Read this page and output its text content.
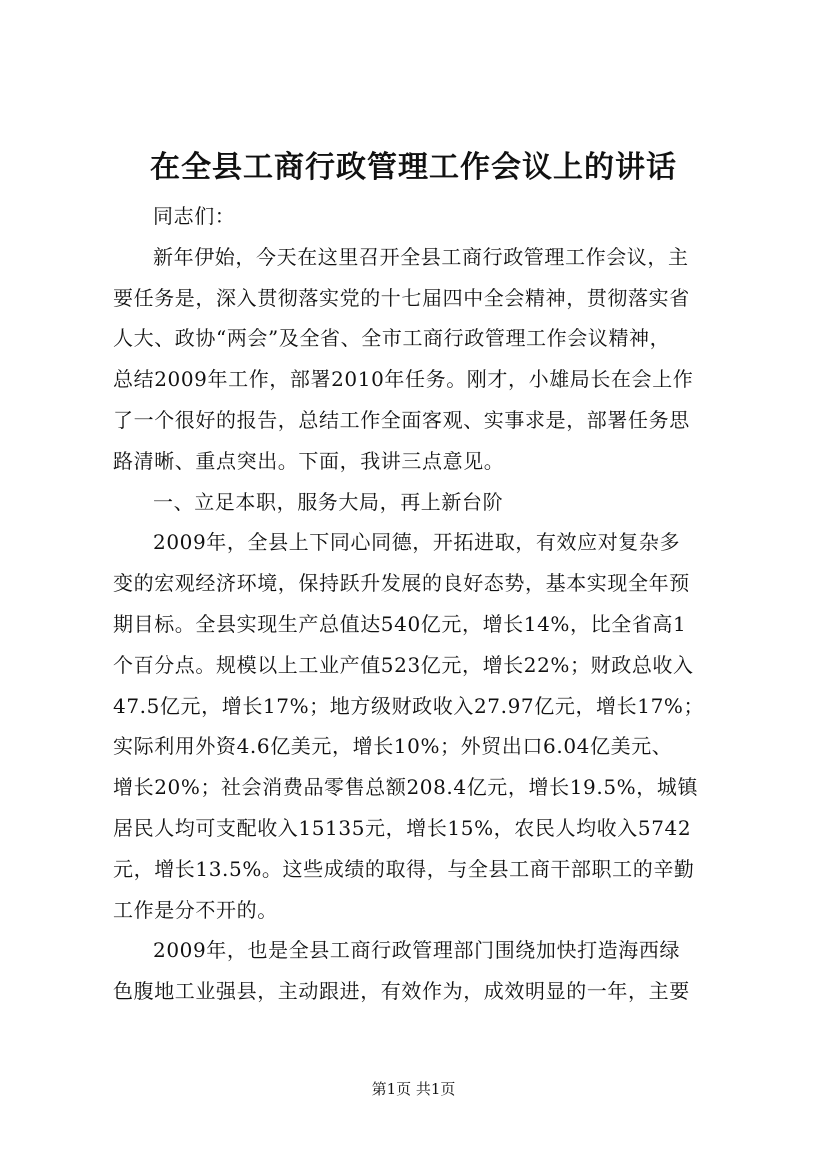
在全县工商行政管理工作会议上的讲话
同志们：
新年伊始，今天在这里召开全县工商行政管理工作会议，主
要任务是，深入贯彻落实党的十七届四中全会精神，贯彻落实省
人大、政协“两会”及全省、全市工商行政管理工作会议精神，
总结2009年工作，部署2010年任务。刚才，小雄局长在会上作
了一个很好的报告，总结工作全面客观、实事求是，部署任务思
路清晰、重点突出。下面，我讲三点意见。
一、立足本职，服务大局，再上新台阶
2009年，全县上下同心同德，开拓进取，有效应对复杂多
变的宏观经济环境，保持跃升发展的良好态势，基本实现全年预
期目标。全县实现生产总值达540亿元，增长14%，比全省高1
个百分点。规模以上工业产值523亿元，增长22%；财政总收入
47.5亿元，增长17%；地方级财政收入27.97亿元，增长17%；
实际利用外资4.6亿美元，增长10%；外贸出口6.04亿美元、
增长20%；社会消费品零售总额208.4亿元，增长19.5%，城镇
居民人均可支配收入15135元，增长15%，农民人均收入5742
元，增长13.5%。这些成绩的取得，与全县工商干部职工的辛勤
工作是分不开的。
2009年，也是全县工商行政管理部门围绕加快打造海西绿
色腹地工业强县，主动跟进，有效作为，成效明显的一年，主要
第1页 共1页
